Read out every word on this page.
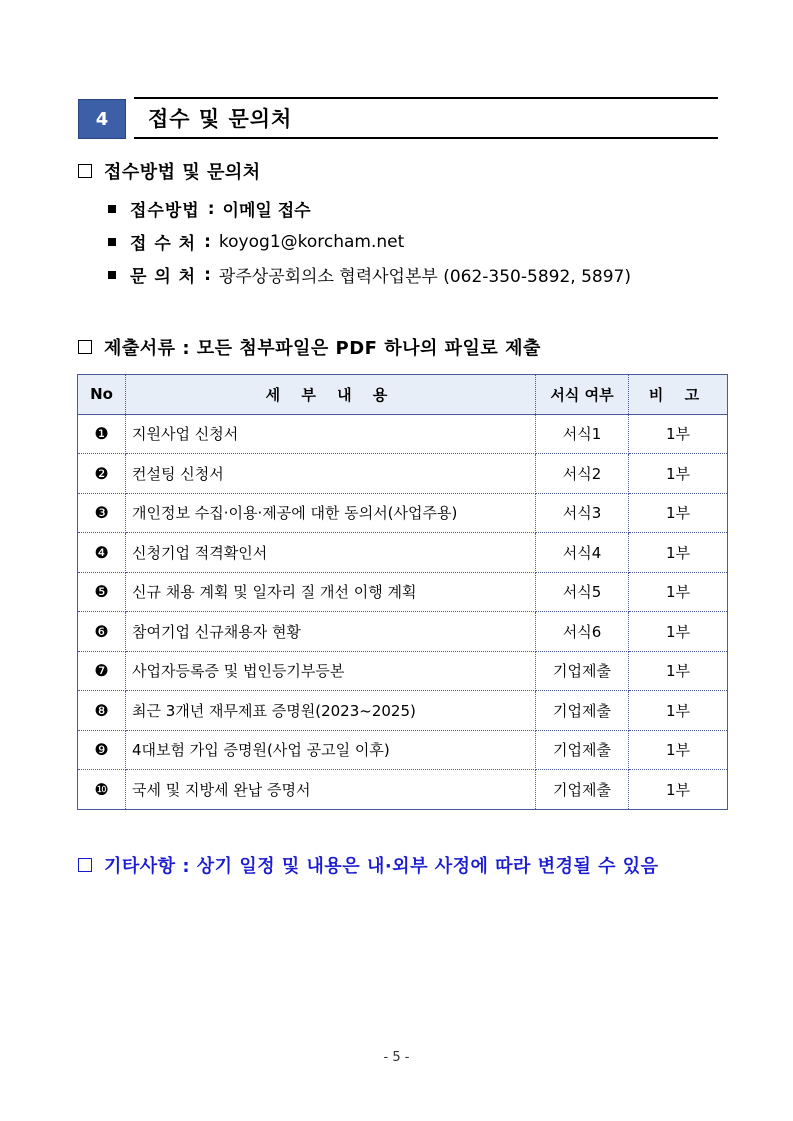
4	접수 및 문의처
접수방법 및 문의처
접수방법 : 이메일 접수
접 수 처 : koyog1@korcham.net
문 의 처 : 광주상공회의소 협력사업본부 (062-350-5892, 5897)
제출서류 : 모든 첨부파일은 PDF 하나의 파일로 제출
No	세 부 내 용	서식 여부	비 고
❶	지원사업 신청서	서식1	1부
❷	컨설팅 신청서	서식2	1부
❸	개인정보 수집·이용·제공에 대한 동의서(사업주용)	서식3	1부
❹	신청기업 적격확인서	서식4	1부
❺	신규 채용 계획 및 일자리 질 개선 이행 계획	서식5	1부
❻	참여기업 신규채용자 현황	서식6	1부
❼	사업자등록증 및 법인등기부등본	기업제출	1부
❽	최근 3개년 재무제표 증명원(2023~2025)	기업제출	1부
❾	4대보험 가입 증명원(사업 공고일 이후)	기업제출	1부
❿	국세 및 지방세 완납 증명서	기업제출	1부
기타사항 : 상기 일정 및 내용은 내·외부 사정에 따라 변경될 수 있음
- 5 -
